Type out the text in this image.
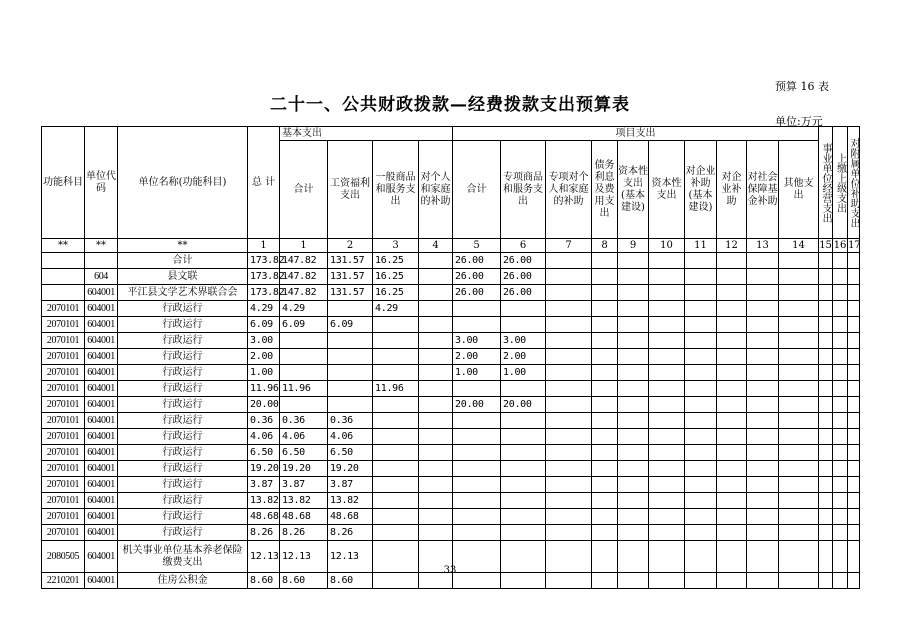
预算 16 表
二十一、公共财政拨款—经费拨款支出预算表
单位:万元
功能科目	单位代码	单位名称(功能科目)	总 计	基本支出				项目支出										事业单位经营支出	上缴上级支出	对附属单位补助支出

				合计	工资福利支出	一般商品和服务支出	对个人和家庭的补助	合计	专项商品和服务支出	专项对个人和家庭的补助	债务利息及费用支出	资本性支出(基本建设)	资本性支出	对企业补助(基本建设)	对企业补助	对社会保障基金补助	其他支出			
**	**	**	1	1	2	3	4	5	6	7	8	9	10	11	12	13	14	15	16	17
		合计	173.82	147.82	131.57	16.25		26.00	26.00											
	604	县文联	173.82	147.82	131.57	16.25		26.00	26.00											
	604001	平江县文学艺术界联合会	173.82	147.82	131.57	16.25		26.00	26.00											
2070101	604001	行政运行	4.29	4.29		4.29														
2070101	604001	行政运行	6.09	6.09	6.09															
2070101	604001	行政运行	3.00					3.00	3.00											
2070101	604001	行政运行	2.00					2.00	2.00											
2070101	604001	行政运行	1.00					1.00	1.00											
2070101	604001	行政运行	11.96	11.96		11.96														
2070101	604001	行政运行	20.00					20.00	20.00											
2070101	604001	行政运行	0.36	0.36	0.36															
2070101	604001	行政运行	4.06	4.06	4.06															
2070101	604001	行政运行	6.50	6.50	6.50															
2070101	604001	行政运行	19.20	19.20	19.20															
2070101	604001	行政运行	3.87	3.87	3.87															
2070101	604001	行政运行	13.82	13.82	13.82															
2070101	604001	行政运行	48.68	48.68	48.68															
2070101	604001	行政运行	8.26	8.26	8.26															
2080505	604001	机关事业单位基本养老保险缴费支出	12.13	12.13	12.13															
2210201	604001	住房公积金	8.60	8.60	8.60															
33
